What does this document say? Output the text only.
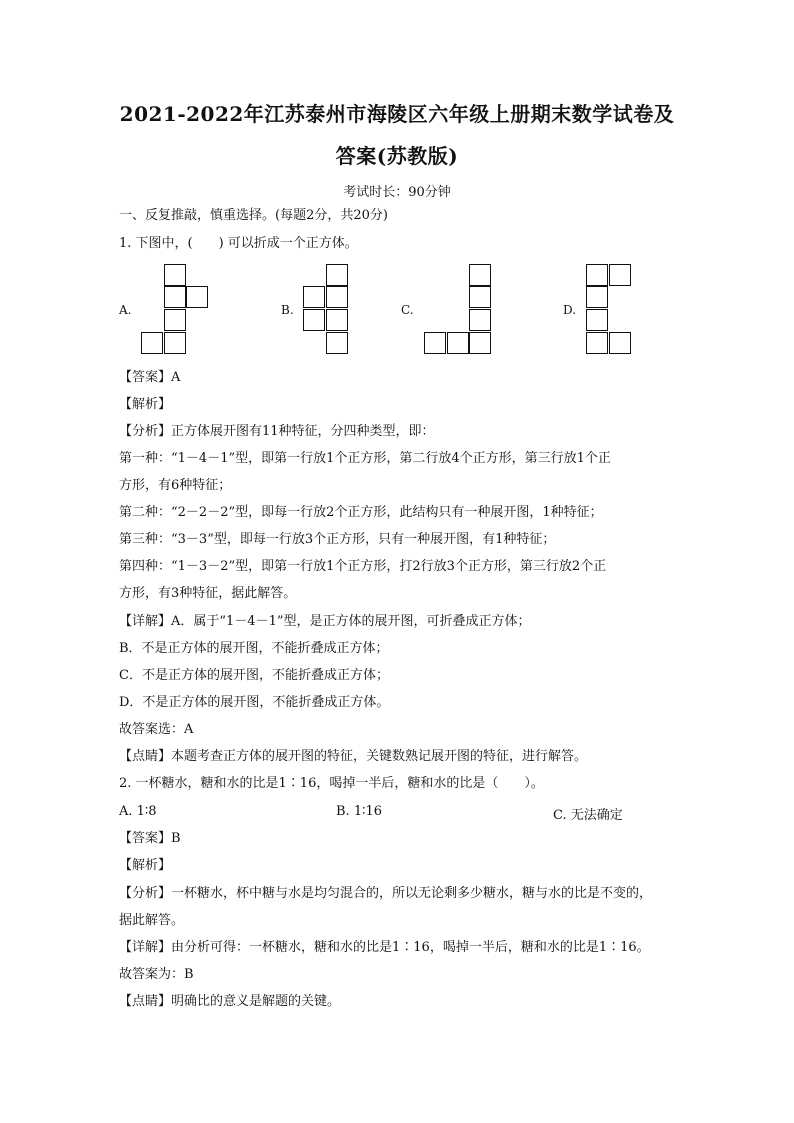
2021-2022年江苏泰州市海陵区六年级上册期末数学试卷及
答案(苏教版)
考试时长：90分钟
一、反复推敲，慎重选择。(每题2分，共20分)
1. 下图中，(　　) 可以折成一个正方体。
A.	B.	C.	D.
【答案】A
【解析】
【分析】正方体展开图有11种特征，分四种类型，即：
第一种：“1－4－1”型，即第一行放1个正方形，第二行放4个正方形，第三行放1个正
方形，有6种特征；
第二种：“2－2－2”型，即每一行放2个正方形，此结构只有一种展开图，1种特征；
第三种：“3－3”型，即每一行放3个正方形，只有一种展开图，有1种特征；
第四种：“1－3－2”型，即第一行放1个正方形，打2行放3个正方形，第三行放2个正
方形，有3种特征，据此解答。
【详解】A．属于“1－4－1”型，是正方体的展开图，可折叠成正方体；
B．不是正方体的展开图，不能折叠成正方体；
C．不是正方体的展开图，不能折叠成正方体；
D．不是正方体的展开图，不能折叠成正方体。
故答案选：A
【点睛】本题考查正方体的展开图的特征，关键数熟记展开图的特征，进行解答。
2. 一杯糖水，糖和水的比是1∶16，喝掉一半后，糖和水的比是（　　）。
A. 1∶8	B. 1∶16	C. 无法确定
【答案】B
【解析】
【分析】一杯糖水，杯中糖与水是均匀混合的，所以无论剩多少糖水，糖与水的比是不变的，
据此解答。
【详解】由分析可得：一杯糖水，糖和水的比是1∶16，喝掉一半后，糖和水的比是1∶16。
故答案为：B
【点睛】明确比的意义是解题的关键。
